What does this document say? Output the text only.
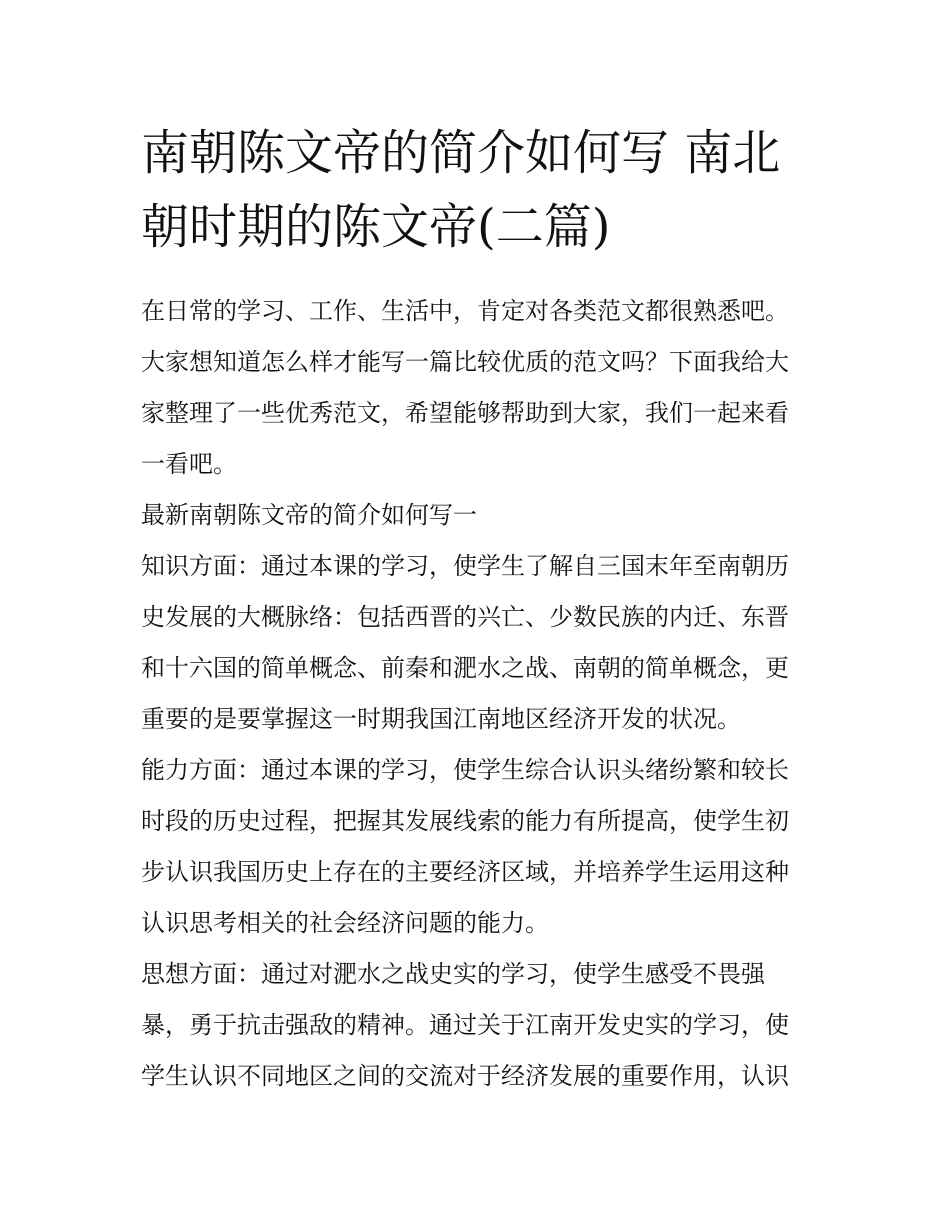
南朝陈文帝的简介如何写 南北
朝时期的陈文帝(二篇)
在日常的学习、工作、生活中，肯定对各类范文都很熟悉吧。
大家想知道怎么样才能写一篇比较优质的范文吗？下面我给大
家整理了一些优秀范文，希望能够帮助到大家，我们一起来看
一看吧。
最新南朝陈文帝的简介如何写一
知识方面：通过本课的学习，使学生了解自三国末年至南朝历
史发展的大概脉络：包括西晋的兴亡、少数民族的内迁、东晋
和十六国的简单概念、前秦和淝水之战、南朝的简单概念，更
重要的是要掌握这一时期我国江南地区经济开发的状况。
能力方面：通过本课的学习，使学生综合认识头绪纷繁和较长
时段的历史过程，把握其发展线索的能力有所提高，使学生初
步认识我国历史上存在的主要经济区域，并培养学生运用这种
认识思考相关的社会经济问题的能力。
思想方面：通过对淝水之战史实的学习，使学生感受不畏强
暴，勇于抗击强敌的精神。通过关于江南开发史实的学习，使
学生认识不同地区之间的交流对于经济发展的重要作用，认识
